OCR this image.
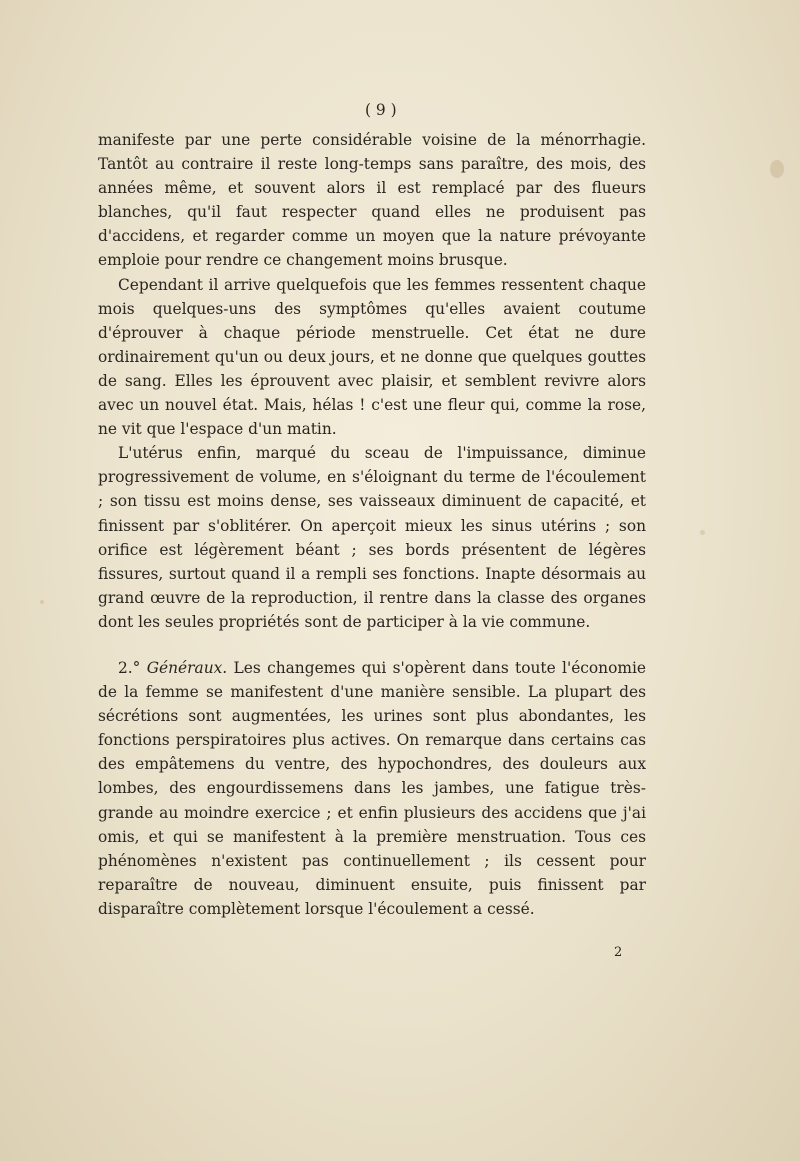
( 9 )

manifeste par une perte considérable voisine de la ménorrhagie. Tantôt au contraire il reste long-temps sans paraître, des mois, des années même, et souvent alors il est remplacé par des flueurs blanches, qu'il faut respecter quand elles ne produisent pas d'accidens, et regarder comme un moyen que la nature prévoyante emploie pour rendre ce changement moins brusque.

Cependant il arrive quelquefois que les femmes ressentent chaque mois quelques-uns des symptômes qu'elles avaient coutume d'éprouver à chaque période menstruelle. Cet état ne dure ordinairement qu'un ou deux jours, et ne donne que quelques gouttes de sang. Elles les éprouvent avec plaisir, et semblent revivre alors avec un nouvel état. Mais, hélas ! c'est une fleur qui, comme la rose, ne vit que l'espace d'un matin.

L'utérus enfin, marqué du sceau de l'impuissance, diminue progressivement de volume, en s'éloignant du terme de l'écoulement ; son tissu est moins dense, ses vaisseaux diminuent de capacité, et finissent par s'oblitérer. On aperçoit mieux les sinus utérins ; son orifice est légèrement béant ; ses bords présentent de légères fissures, surtout quand il a rempli ses fonctions. Inapte désormais au grand œuvre de la reproduction, il rentre dans la classe des organes dont les seules propriétés sont de participer à la vie commune.

2.° Généraux. Les changemes qui s'opèrent dans toute l'économie de la femme se manifestent d'une manière sensible. La plupart des sécrétions sont augmentées, les urines sont plus abondantes, les fonctions perspiratoires plus actives. On remarque dans certains cas des empâtemens du ventre, des hypochondres, des douleurs aux lombes, des engourdissemens dans les jambes, une fatigue très-grande au moindre exercice ; et enfin plusieurs des accidens que j'ai omis, et qui se manifestent à la première menstruation. Tous ces phénomènes n'existent pas continuellement ; ils cessent pour reparaître de nouveau, diminuent ensuite, puis finissent par disparaître complètement lorsque l'écoulement a cessé.

2
